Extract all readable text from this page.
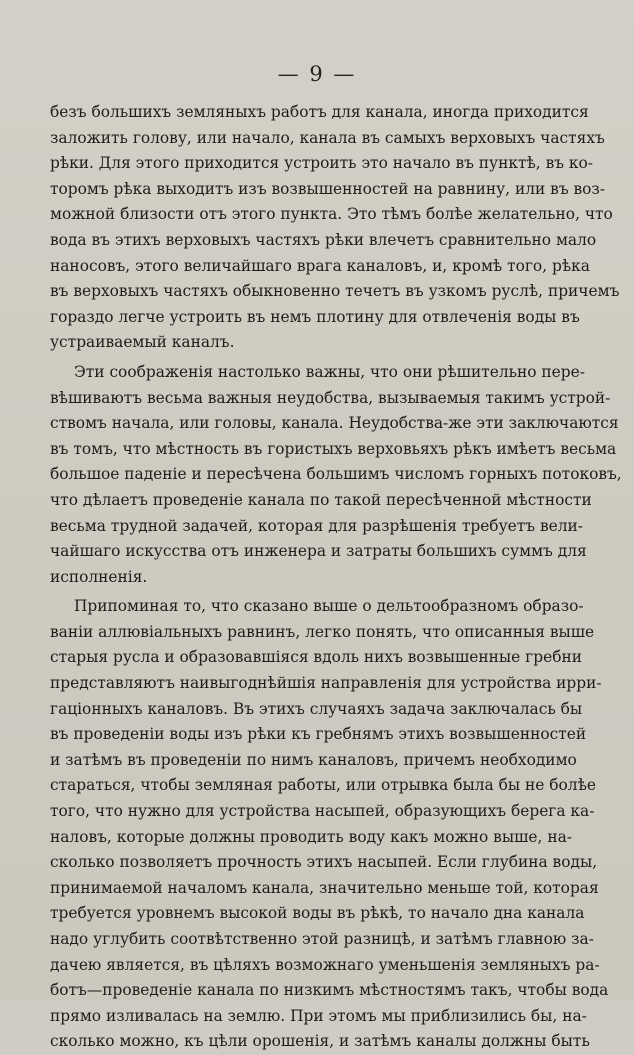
— 9 —
безъ большихъ земляныхъ работъ для канала, иногда приходится
заложить голову, или начало, канала въ самыхъ верховыхъ частяхъ
рѣки. Для этого приходится устроить это начало въ пунктѣ, въ ко-
торомъ рѣка выходитъ изъ возвышенностей на равнину, или въ воз-
можной близости отъ этого пункта. Это тѣмъ болѣе желательно, что
вода въ этихъ верховыхъ частяхъ рѣки влечетъ сравнительно мало
наносовъ, этого величайшаго врага каналовъ, и, кромѣ того, рѣка
въ верховыхъ частяхъ обыкновенно течетъ въ узкомъ руслѣ, причемъ
гораздо легче устроить въ немъ плотину для отвлеченія воды въ
устраиваемый каналъ.
Эти соображенія настолько важны, что они рѣшительно пере-
вѣшиваютъ весьма важныя неудобства, вызываемыя такимъ устрой-
ствомъ начала, или головы, канала. Неудобства-же эти заключаются
въ томъ, что мѣстность въ гористыхъ верховьяхъ рѣкъ имѣетъ весьма
большое паденіе и пересѣчена большимъ числомъ горныхъ потоковъ,
что дѣлаетъ проведеніе канала по такой пересѣченной мѣстности
весьма трудной задачей, которая для разрѣшенія требуетъ вели-
чайшаго искусства отъ инженера и затраты большихъ суммъ для
исполненія.
Припоминая то, что сказано выше о дельтообразномъ образо-
ваніи аллювіальныхъ равнинъ, легко понять, что описанныя выше
старыя русла и образовавшіяся вдоль нихъ возвышенные гребни
представляютъ наивыгоднѣйшія направленія для устройства ирри-
гаціонныхъ каналовъ. Въ этихъ случаяхъ задача заключалась бы
въ проведеніи воды изъ рѣки къ гребнямъ этихъ возвышенностей
и затѣмъ въ проведеніи по нимъ каналовъ, причемъ необходимо
стараться, чтобы земляная работы, или отрывка была бы не болѣе
того, что нужно для устройства насыпей, образующихъ берега ка-
наловъ, которые должны проводить воду какъ можно выше, на-
сколько позволяетъ прочность этихъ насыпей. Если глубина воды,
принимаемой началомъ канала, значительно меньше той, которая
требуется уровнемъ высокой воды въ рѣкѣ, то начало дна канала
надо углубить соотвѣтственно этой разницѣ, и затѣмъ главною за-
дачею является, въ цѣляхъ возможнаго уменьшенія земляныхъ ра-
ботъ—проведеніе канала по низкимъ мѣстностямъ такъ, чтобы вода
прямо изливалась на землю. При этомъ мы приблизились бы, на-
сколько можно, къ цѣли орошенія, и затѣмъ каналы должны быть
